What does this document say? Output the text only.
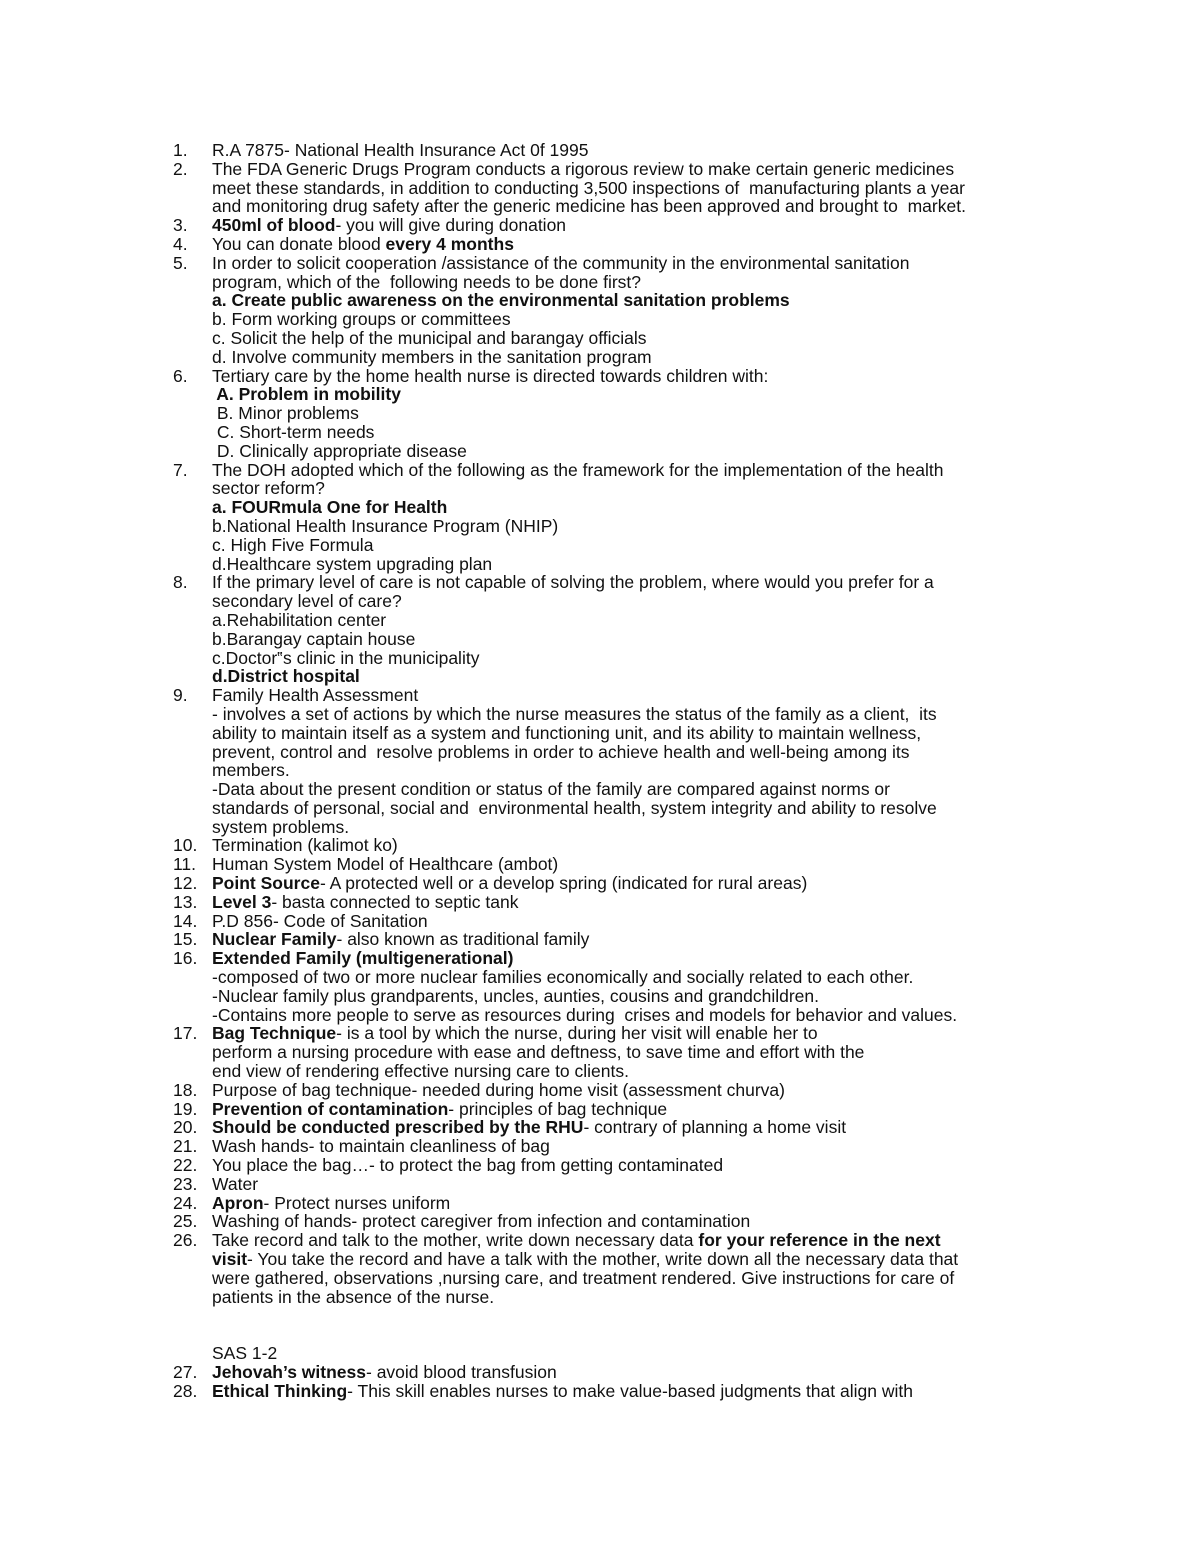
1.	R.A 7875- National Health Insurance Act 0f 1995
2.	The FDA Generic Drugs Program conducts a rigorous review to make certain generic medicines
meet these standards, in addition to conducting 3,500 inspections of  manufacturing plants a year
and monitoring drug safety after the generic medicine has been approved and brought to  market.
3.	450ml of blood- you will give during donation
4.	You can donate blood every 4 months
5.	In order to solicit cooperation /assistance of the community in the environmental sanitation
program, which of the  following needs to be done first?
a. Create public awareness on the environmental sanitation problems
b. Form working groups or committees
c. Solicit the help of the municipal and barangay officials
d. Involve community members in the sanitation program
6.	Tertiary care by the home health nurse is directed towards children with:
A. Problem in mobility
B. Minor problems
C. Short-term needs
D. Clinically appropriate disease
7.	The DOH adopted which of the following as the framework for the implementation of the health
sector reform?
a. FOURmula One for Health
b.National Health Insurance Program (NHIP)
c. High Five Formula
d.Healthcare system upgrading plan
8.	If the primary level of care is not capable of solving the problem, where would you prefer for a
secondary level of care?
a.Rehabilitation center
b.Barangay captain house
c.Doctor‟s clinic in the municipality
d.District hospital
9.	Family Health Assessment
- involves a set of actions by which the nurse measures the status of the family as a client,  its
ability to maintain itself as a system and functioning unit, and its ability to maintain wellness,
prevent, control and  resolve problems in order to achieve health and well-being among its
members.
-Data about the present condition or status of the family are compared against norms or
standards of personal, social and  environmental health, system integrity and ability to resolve
system problems.
10. Termination (kalimot ko)
11. Human System Model of Healthcare (ambot)
12. Point Source- A protected well or a develop spring (indicated for rural areas)
13. Level 3- basta connected to septic tank
14. P.D 856- Code of Sanitation
15. Nuclear Family- also known as traditional family
16. Extended Family (multigenerational)
-composed of two or more nuclear families economically and socially related to each other.
-Nuclear family plus grandparents, uncles, aunties, cousins and grandchildren.
-Contains more people to serve as resources during  crises and models for behavior and values.
17. Bag Technique- is a tool by which the nurse, during her visit will enable her to
perform a nursing procedure with ease and deftness, to save time and effort with the
end view of rendering effective nursing care to clients.
18. Purpose of bag technique- needed during home visit (assessment churva)
19. Prevention of contamination- principles of bag technique
20. Should be conducted prescribed by the RHU- contrary of planning a home visit
21. Wash hands- to maintain cleanliness of bag
22. You place the bag…- to protect the bag from getting contaminated
23. Water
24. Apron- Protect nurses uniform
25. Washing of hands- protect caregiver from infection and contamination
26. Take record and talk to the mother, write down necessary data for your reference in the next
visit- You take the record and have a talk with the mother, write down all the necessary data that
were gathered, observations ,nursing care, and treatment rendered. Give instructions for care of
patients in the absence of the nurse.
SAS 1-2
27. Jehovah’s witness- avoid blood transfusion
28. Ethical Thinking- This skill enables nurses to make value-based judgments that align with
